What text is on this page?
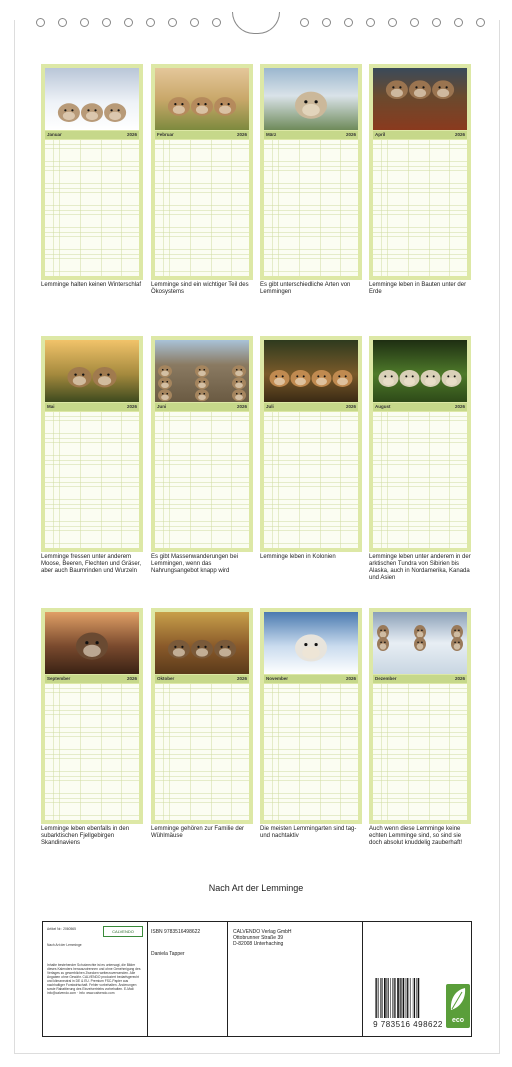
Januar	2026
Lemminge halten keinen Winterschlaf
Februar	2026
Lemminge sind ein wichtiger Teil des Ökosystems
März	2026
Es gibt unterschiedliche Arten von Lemmingen
April	2026
Lemminge leben in Bauten unter der Erde
Mai	2026
Lemminge fressen unter anderem Moose, Beeren, Flechten und Gräser, aber auch Baumrinden und Wurzeln
Juni	2026
Es gibt Massenwanderungen bei Lemmingen, wenn das Nahrungsangebot knapp wird
Juli	2026
Lemminge leben in Kolonien
August	2026
Lemminge leben unter anderem in der arktischen Tundra von Sibirien bis Alaska, auch in Nordamerika, Kanada und Asien
September	2026
Lemminge leben ebenfalls in den subarktischen Fjellgebirgen Skandinaviens
Oktober	2026
Lemminge gehören zur Familie der Wühlmäuse
November	2026
Die meisten Lemmingarten sind tag- und nachtaktiv
Dezember	2026
Auch wenn diese Lemminge keine echten Lemminge sind, so sind sie doch absolut knuddelig zauberhaft!
Nach Art der Lemminge
Artikel Nr.: 2060565	CALVENDO
Nach Art der Lemminge
Inhalte bestehender Schutzrechte ist es untersagt, die Bilder dieses Kalenders herauszutrennen und ohne Genehmigung des Verlages zu gewerblichen Zwecken weiterzuverwenden. Alle Angaben ohne Gewähr. CALVENDO produziert bedarfsgerecht und klimaneutral in DE & EU. Premium FSC-Papier aus nachhaltiger Forstwirtschaft. Fehler vorbehalten. Änderungen sowie Rabattierung des Einzelvertriebs vorbehalten. E-Mail: info@calvendo.com · Info: www.calvendo.com
ISBN 9783516498622
Daniela Tapper
CALVENDO Verlag GmbH
Ottobrunner Straße 39
D-82008 Unterhaching
9 783516 498622	eco
